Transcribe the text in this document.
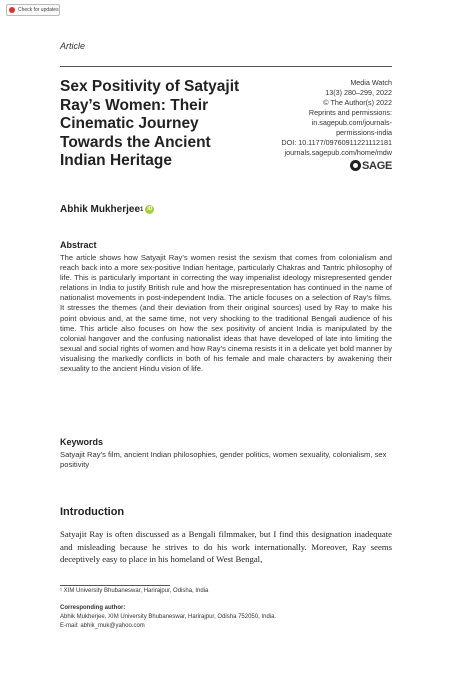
Check for updates
Article
Sex Positivity of Satyajit Ray’s Women: Their Cinematic Journey Towards the Ancient Indian Heritage
Media Watch
13(3) 280–299, 2022
© The Author(s) 2022
Reprints and permissions:
in.sagepub.com/journals-
permissions-india
DOI: 10.1177/09760911221112181
journals.sagepub.com/home/mdw
SAGE
Abhik Mukherjee 1 iD
Abstract
The article shows how Satyajit Ray’s women resist the sexism that comes from colonialism and reach back into a more sex-positive Indian heritage, particularly Chakras and Tantric philosophy of life. This is particularly important in correcting the way imperialist ideology misrepresented gender relations in India to justify British rule and how the misrepresentation has continued in the name of nationalist movements in post-independent India. The article focuses on a selection of Ray’s films. It stresses the themes (and their deviation from their original sources) used by Ray to make his point obvious and, at the same time, not very shocking to the traditional Bengali audience of his time. This article also focuses on how the sex positivity of ancient India is manipulated by the colonial hangover and the confusing nationalist ideas that have developed of late into limiting the sexual and social rights of women and how Ray’s cinema resists it in a delicate yet bold manner by visualising the markedly conflicts in both of his female and male characters by awakening their sexuality to the ancient Hindu vision of life.
Keywords
Satyajit Ray’s film, ancient Indian philosophies, gender politics, women sexuality, colonialism, sex positivity
Introduction
Satyajit Ray is often discussed as a Bengali filmmaker, but I find this designation inadequate and misleading because he strives to do his work internationally. Moreover, Ray seems deceptively easy to place in his homeland of West Bengal,
¹ XIM University Bhubaneswar, Harirajpur, Odisha, India
Corresponding author:
Abhik Mukherjee, XIM University Bhubaneswar, Harirajpur, Odisha 752050, India.
E-mail: abhik_muk@yahoo.com
